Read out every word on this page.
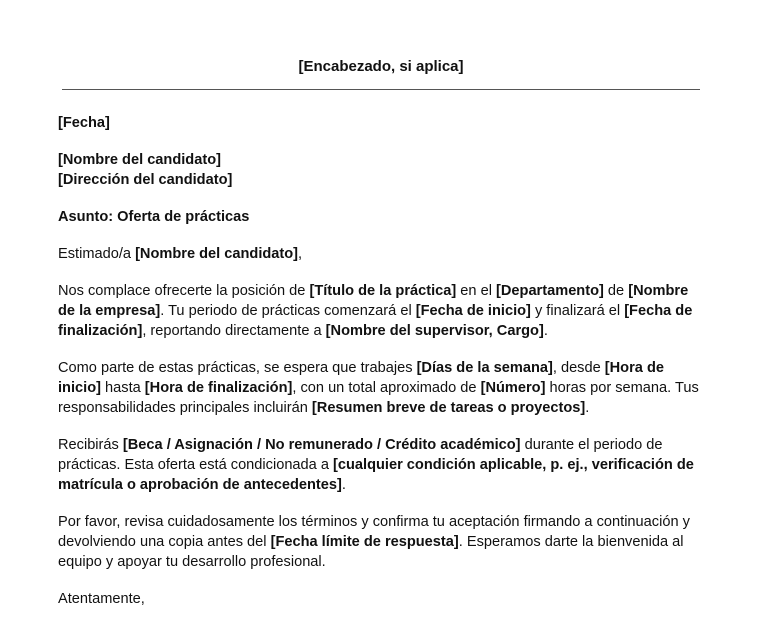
[Encabezado, si aplica]

[Fecha]

[Nombre del candidato]
[Dirección del candidato]

Asunto: Oferta de prácticas

Estimado/a [Nombre del candidato],

Nos complace ofrecerte la posición de [Título de la práctica] en el [Departamento] de [Nombre de la empresa]. Tu periodo de prácticas comenzará el [Fecha de inicio] y finalizará el [Fecha de finalización], reportando directamente a [Nombre del supervisor, Cargo].

Como parte de estas prácticas, se espera que trabajes [Días de la semana], desde [Hora de inicio] hasta [Hora de finalización], con un total aproximado de [Número] horas por semana. Tus responsabilidades principales incluirán [Resumen breve de tareas o proyectos].

Recibirás [Beca / Asignación / No remunerado / Crédito académico] durante el periodo de prácticas. Esta oferta está condicionada a [cualquier condición aplicable, p. ej., verificación de matrícula o aprobación de antecedentes].

Por favor, revisa cuidadosamente los términos y confirma tu aceptación firmando a continuación y devolviendo una copia antes del [Fecha límite de respuesta]. Esperamos darte la bienvenida al equipo y apoyar tu desarrollo profesional.

Atentamente,
